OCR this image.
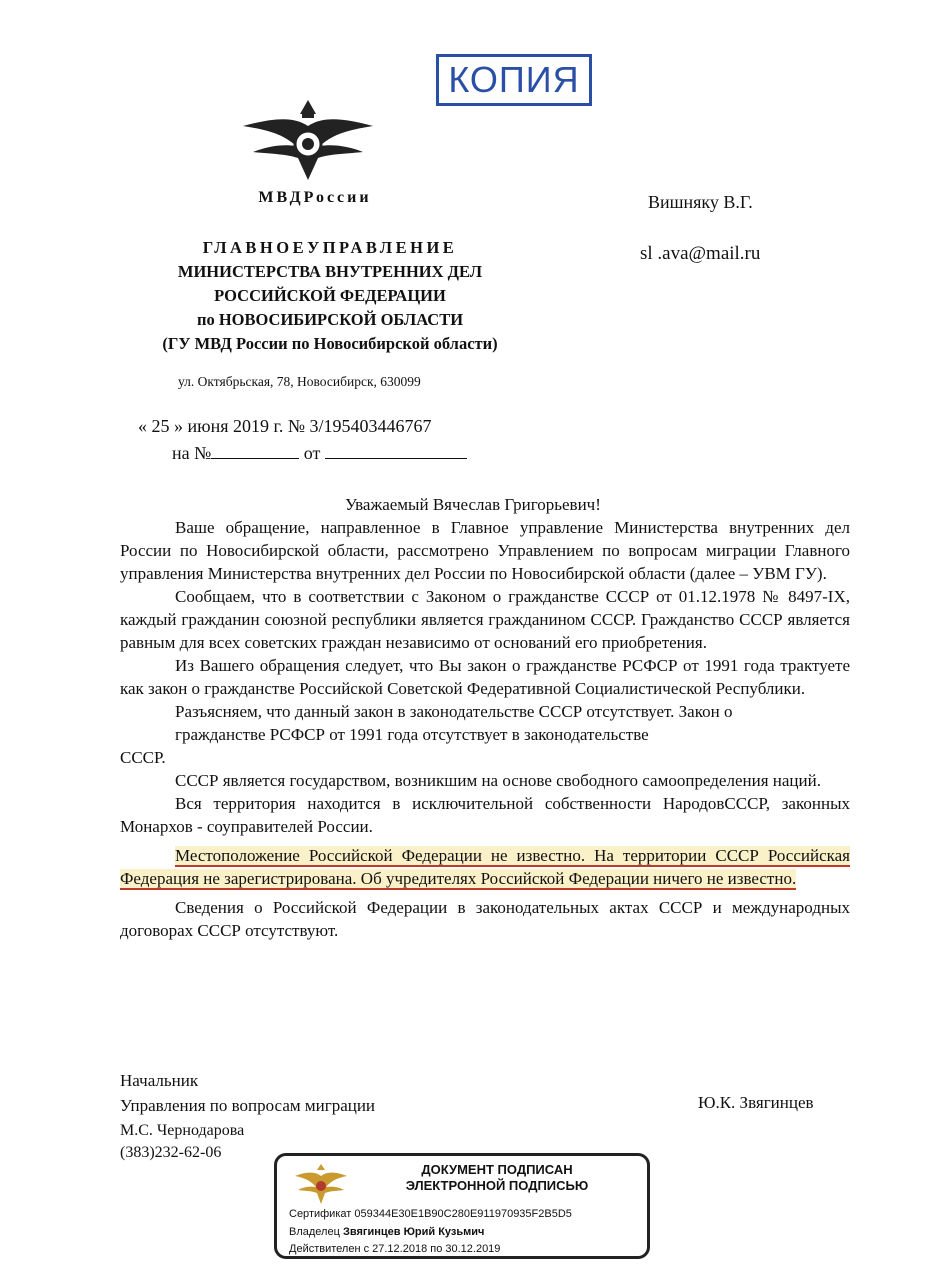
КОПИЯ
МВДРоссии	Вишняку В.Г.
sl .ava@mail.ru
ГЛАВНОЕУПРАВЛЕНИЕ
МИНИСТЕРСТВА ВНУТРЕННИХ ДЕЛ
РОССИЙСКОЙ ФЕДЕРАЦИИ
по НОВОСИБИРСКОЙ ОБЛАСТИ
(ГУ МВД России по Новосибирской области)
ул. Октябрьская, 78, Новосибирск, 630099
« 25 » июня 2019 г. № 3/195403446767
на №	от
Уважаемый Вячеслав Григорьевич!

Ваше обращение, направленное в Главное управление Министерства внутренних дел России по Новосибирской области, рассмотрено Управлением по вопросам миграции Главного управления Министерства внутренних дел России по Новосибирской области (далее – УВМ ГУ).

Сообщаем, что в соответствии с Законом о гражданстве СССР от 01.12.1978 № 8497-IX, каждый гражданин союзной республики является гражданином СССР. Гражданство СССР является равным для всех советских граждан независимо от оснований его приобретения.

Из Вашего обращения следует, что Вы закон о гражданстве РСФСР от 1991 года трактуете как закон о гражданстве Российской Советской Федеративной Социалистической Республики.

Разъясняем, что данный закон в законодательстве СССР отсутствует. Закон о

гражданстве РСФСР от 1991 года отсутствует в законодательстве

СССР.

СССР является государством, возникшим на основе свободного самоопределения наций.

Вся территория находится в исключительной собственности НародовСССР, законных Монархов - соуправителей России.

Местоположение Российской Федерации не известно. На территории СССР Российская Федерация не зарегистрирована. Об учредителях Российской Федерации ничего не известно.

Сведения о Российской Федерации в законодательных актах СССР и международных договорах СССР отсутствуют.

Начальник
Управления по вопросам миграции	Ю.К. Звягинцев
М.С. Чернодарова
(383)232-62-06
ДОКУМЕНТ ПОДПИСАН
ЭЛЕКТРОННОЙ ПОДПИСЬЮ
Сертификат 059344E30E1B90C280E911970935F2B5D5
Владелец Звягинцев Юрий Кузьмич
Действителен с 27.12.2018 по 30.12.2019
